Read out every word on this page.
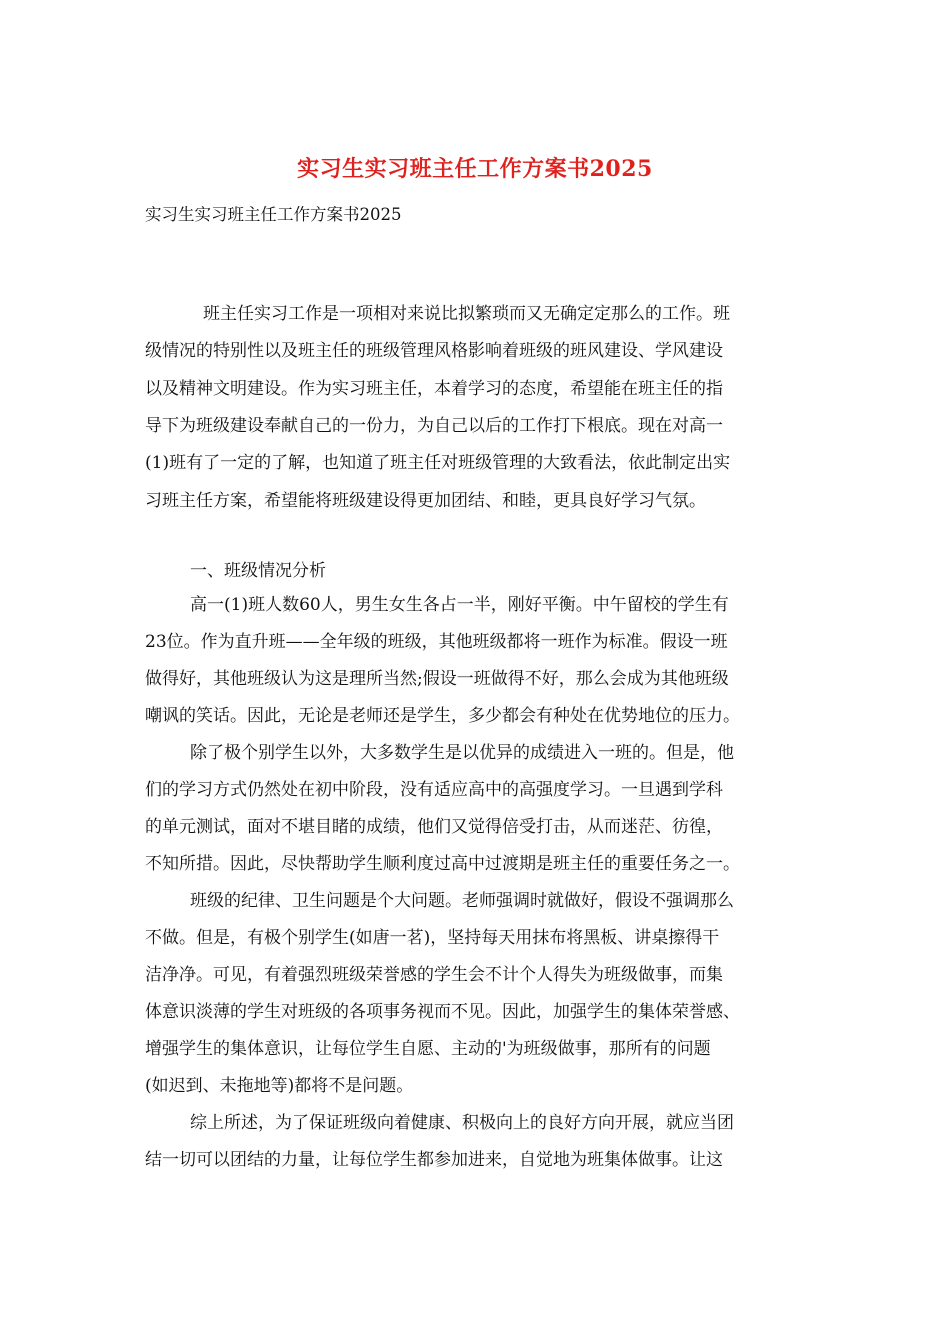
实习生实习班主任工作方案书2025
实习生实习班主任工作方案书2025
班主任实习工作是一项相对来说比拟繁琐而又无确定定那么的工作。班
级情况的特别性以及班主任的班级管理风格影响着班级的班风建设、学风建设
以及精神文明建设。作为实习班主任，本着学习的态度，希望能在班主任的指
导下为班级建设奉献自己的一份力，为自己以后的工作打下根底。现在对高一
(1)班有了一定的了解，也知道了班主任对班级管理的大致看法，依此制定出实
习班主任方案，希望能将班级建设得更加团结、和睦，更具良好学习气氛。
一、班级情况分析
高一(1)班人数60人，男生女生各占一半，刚好平衡。中午留校的学生有
23位。作为直升班——全年级的班级，其他班级都将一班作为标准。假设一班
做得好，其他班级认为这是理所当然;假设一班做得不好，那么会成为其他班级
嘲讽的笑话。因此，无论是老师还是学生，多少都会有种处在优势地位的压力。
除了极个别学生以外，大多数学生是以优异的成绩进入一班的。但是，他
们的学习方式仍然处在初中阶段，没有适应高中的高强度学习。一旦遇到学科
的单元测试，面对不堪目睹的成绩，他们又觉得倍受打击，从而迷茫、彷徨，
不知所措。因此，尽快帮助学生顺利度过高中过渡期是班主任的重要任务之一。
班级的纪律、卫生问题是个大问题。老师强调时就做好，假设不强调那么
不做。但是，有极个别学生(如唐一茗)，坚持每天用抹布将黑板、讲桌擦得干
洁净净。可见，有着强烈班级荣誉感的学生会不计个人得失为班级做事，而集
体意识淡薄的学生对班级的各项事务视而不见。因此，加强学生的集体荣誉感、
增强学生的集体意识，让每位学生自愿、主动的'为班级做事，那所有的问题
(如迟到、未拖地等)都将不是问题。
综上所述，为了保证班级向着健康、积极向上的良好方向开展，就应当团
结一切可以团结的力量，让每位学生都参加进来，自觉地为班集体做事。让这
